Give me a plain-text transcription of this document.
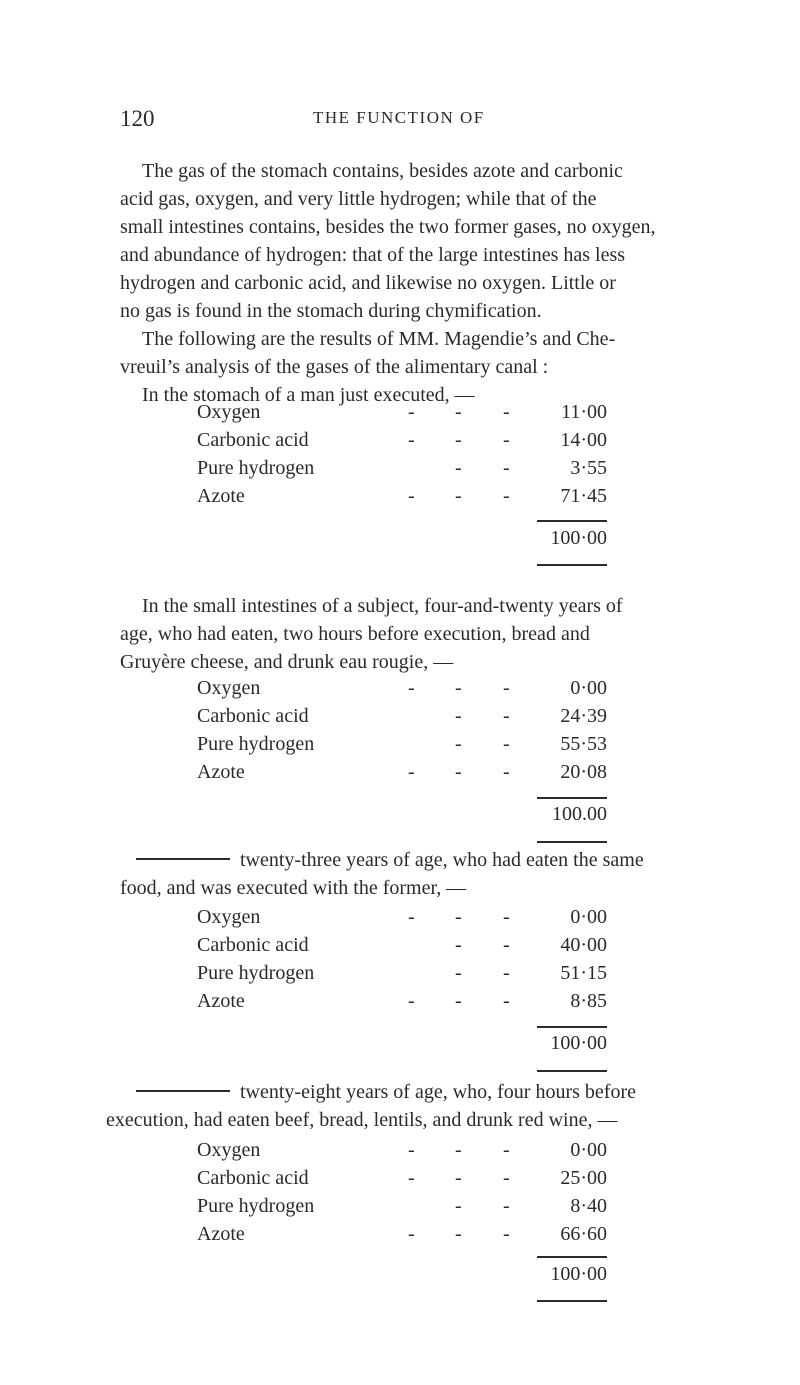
120	THE FUNCTION OF
The gas of the stomach contains, besides azote and carbonic
acid gas, oxygen, and very little hydrogen; while that of the
small intestines contains, besides the two former gases, no oxygen,
and abundance of hydrogen: that of the large intestines has less
hydrogen and carbonic acid, and likewise no oxygen. Little or
no gas is found in the stomach during chymification.
The following are the results of MM. Magendie’s and Che-
vreuil’s analysis of the gases of the alimentary canal :
In the stomach of a man just executed, —
Oxygen	- - -	11·00
Carbonic acid	- - -	14·00
Pure hydrogen	- -	3·55
Azote	- - -	71·45
100·00
In the small intestines of a subject, four-and-twenty years of
age, who had eaten, two hours before execution, bread and
Gruyère cheese, and drunk eau rougie, —
Oxygen	- - -	0·00
Carbonic acid	- -	24·39
Pure hydrogen	- -	55·53
Azote	- - -	20·08
100.00
twenty-three years of age, who had eaten the same
food, and was executed with the former, —
Oxygen	- - -	0·00
Carbonic acid	- -	40·00
Pure hydrogen	- -	51·15
Azote	- - -	8·85
100·00
twenty-eight years of age, who, four hours before
execution, had eaten beef, bread, lentils, and drunk red wine, —
Oxygen	- - -	0·00
Carbonic acid	- - -	25·00
Pure hydrogen	- -	8·40
Azote	- - -	66·60
100·00
